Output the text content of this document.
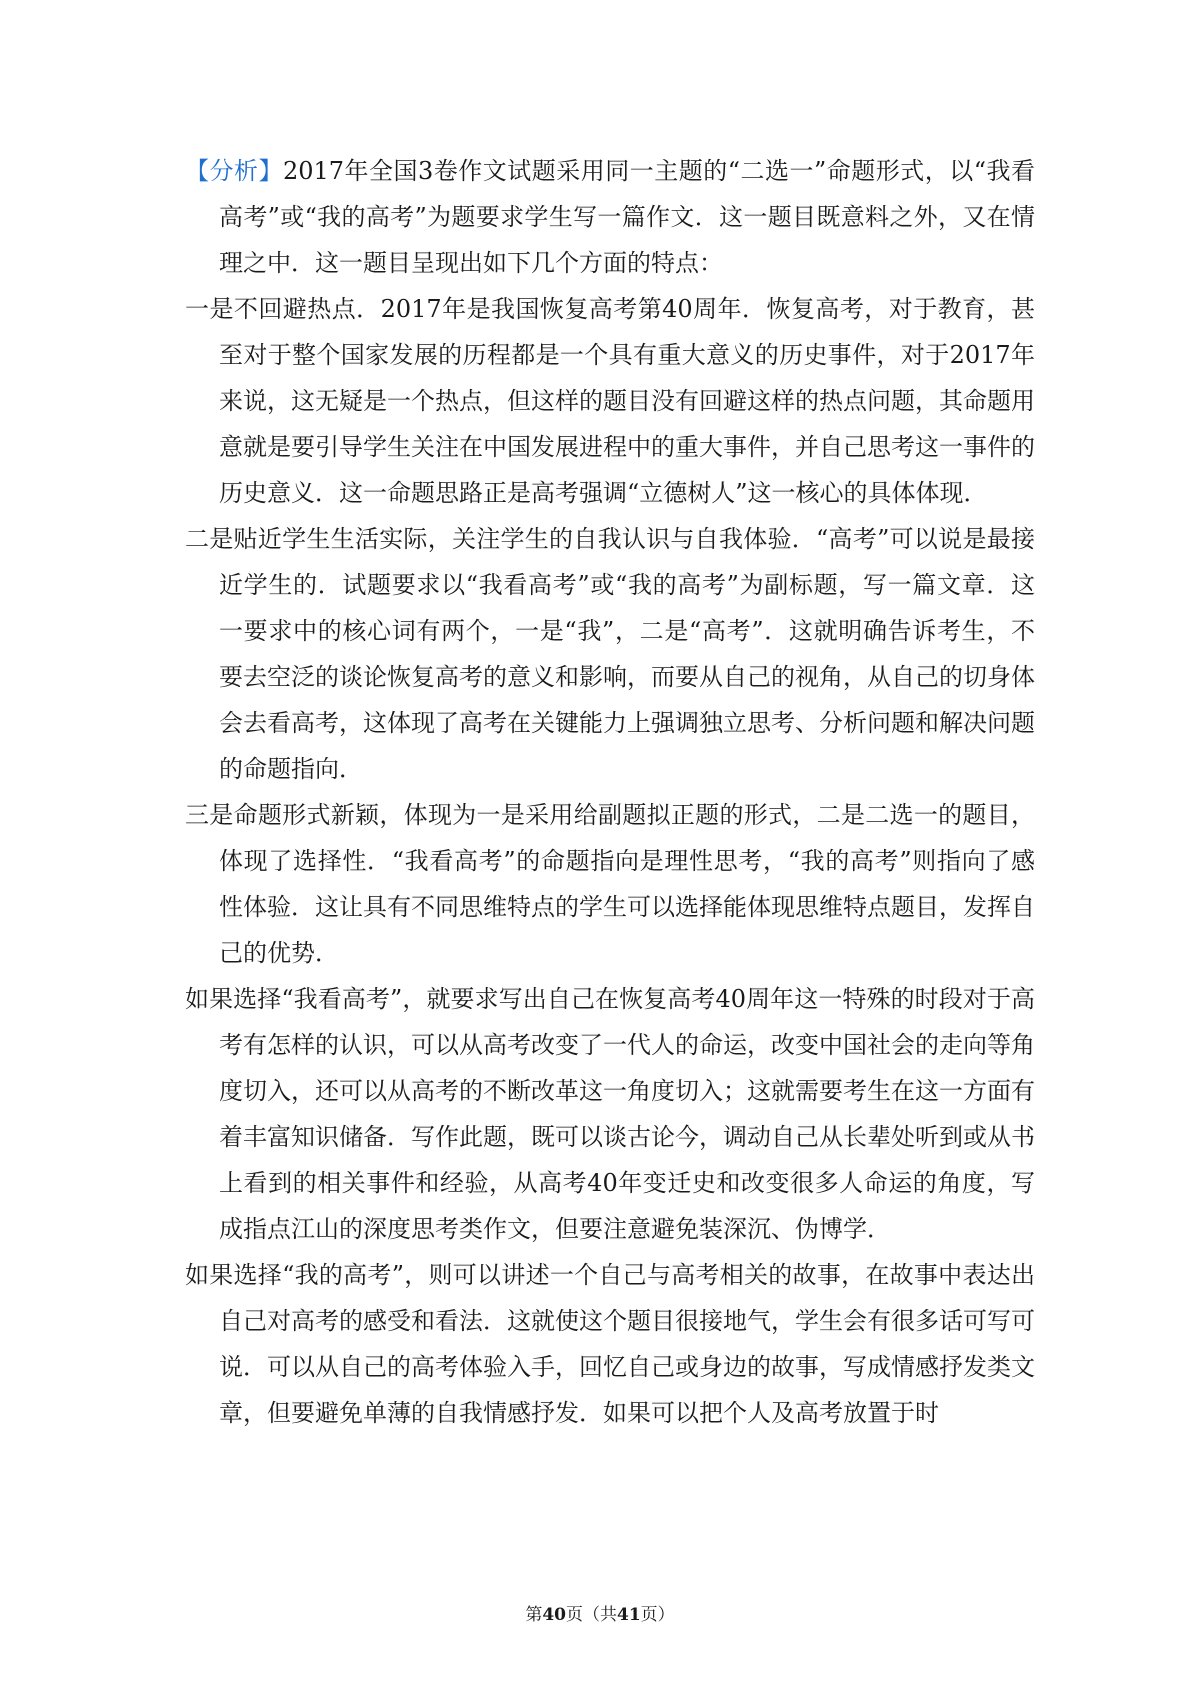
【分析】2017年全国3卷作文试题采用同一主题的“二选一”命题形式，以“我看高考”或“我的高考”为题要求学生写一篇作文．这一题目既意料之外，又在情理之中．这一题目呈现出如下几个方面的特点：

一是不回避热点．2017年是我国恢复高考第40周年．恢复高考，对于教育，甚至对于整个国家发展的历程都是一个具有重大意义的历史事件，对于2017年来说，这无疑是一个热点，但这样的题目没有回避这样的热点问题，其命题用意就是要引导学生关注在中国发展进程中的重大事件，并自己思考这一事件的历史意义．这一命题思路正是高考强调“立德树人”这一核心的具体体现．

二是贴近学生生活实际，关注学生的自我认识与自我体验．“高考”可以说是最接近学生的．试题要求以“我看高考”或“我的高考”为副标题，写一篇文章．这一要求中的核心词有两个，一是“我”，二是“高考”．这就明确告诉考生，不要去空泛的谈论恢复高考的意义和影响，而要从自己的视角，从自己的切身体会去看高考，这体现了高考在关键能力上强调独立思考、分析问题和解决问题的命题指向．

三是命题形式新颖，体现为一是采用给副题拟正题的形式，二是二选一的题目，体现了选择性．“我看高考”的命题指向是理性思考，“我的高考”则指向了感性体验．这让具有不同思维特点的学生可以选择能体现思维特点题目，发挥自己的优势．

如果选择“我看高考”，就要求写出自己在恢复高考40周年这一特殊的时段对于高考有怎样的认识，可以从高考改变了一代人的命运，改变中国社会的走向等角度切入，还可以从高考的不断改革这一角度切入；这就需要考生在这一方面有着丰富知识储备．写作此题，既可以谈古论今，调动自己从长辈处听到或从书上看到的相关事件和经验，从高考40年变迁史和改变很多人命运的角度，写成指点江山的深度思考类作文，但要注意避免装深沉、伪博学．

如果选择“我的高考”，则可以讲述一个自己与高考相关的故事，在故事中表达出自己对高考的感受和看法．这就使这个题目很接地气，学生会有很多话可写可说．可以从自己的高考体验入手，回忆自己或身边的故事，写成情感抒发类文章，但要避免单薄的自我情感抒发．如果可以把个人及高考放置于时

第40页（共41页）
